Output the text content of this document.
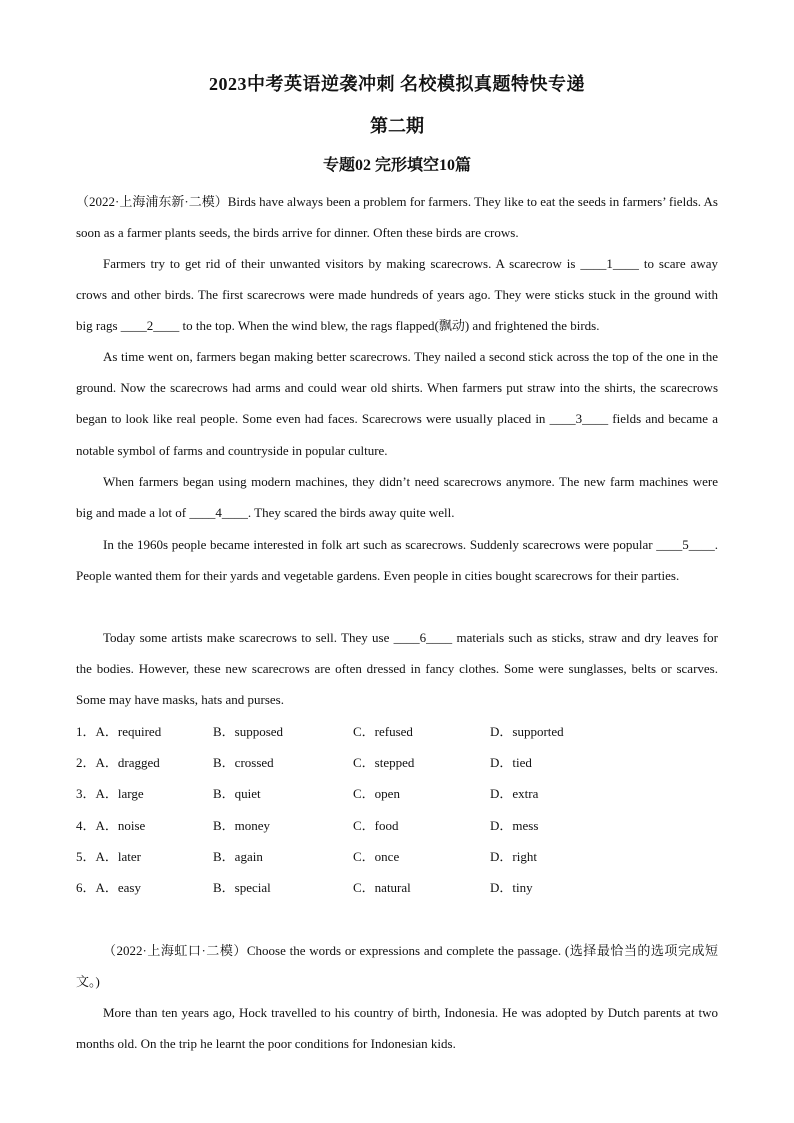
2023中考英语逆袭冲刺 名校模拟真题特快专递
第二期
专题02 完形填空10篇

（2022·上海浦东新·二模）Birds have always been a problem for farmers. They like to eat the seeds in farmers’ fields. As soon as a farmer plants seeds, the birds arrive for dinner. Often these birds are crows.

Farmers try to get rid of their unwanted visitors by making scarecrows. A scarecrow is ____1____ to scare away crows and other birds. The first scarecrows were made hundreds of years ago. They were sticks stuck in the ground with big rags ____2____ to the top. When the wind blew, the rags flapped(飘动) and frightened the birds.

As time went on, farmers began making better scarecrows. They nailed a second stick across the top of the one in the ground. Now the scarecrows had arms and could wear old shirts. When farmers put straw into the shirts, the scarecrows began to look like real people. Some even had faces. Scarecrows were usually placed in ____3____ fields and became a notable symbol of farms and countryside in popular culture.

When farmers began using modern machines, they didn’t need scarecrows anymore. The new farm machines were big and made a lot of ____4____. They scared the birds away quite well.

In the 1960s people became interested in folk art such as scarecrows. Suddenly scarecrows were popular ____5____. People wanted them for their yards and vegetable gardens. Even people in cities bought scarecrows for their parties.

Today some artists make scarecrows to sell. They use ____6____ materials such as sticks, straw and dry leaves for the bodies. However, these new scarecrows are often dressed in fancy clothes. Some were sunglasses, belts or scarves. Some may have masks, hats and purses.

1．A．required	B．supposed	C．refused	D．supported
2．A．dragged	B．crossed	C．stepped	D．tied
3．A．large	B．quiet	C．open	D．extra
4．A．noise	B．money	C．food	D．mess
5．A．later	B．again	C．once	D．right
6．A．easy	B．special	C．natural	D．tiny

（2022·上海虹口·二模）Choose the words or expressions and complete the passage. (选择最恰当的选项完成短文。)

More than ten years ago, Hock travelled to his country of birth, Indonesia. He was adopted by Dutch parents at two months old. On the trip he learnt the poor conditions for Indonesian kids.
